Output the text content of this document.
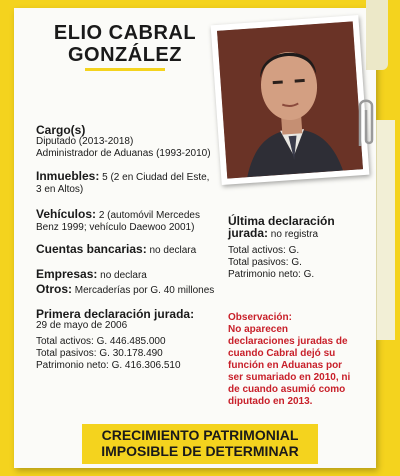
ELIO CABRAL
GONZÁLEZ
Cargo(s)
Diputado (2013-2018)
Administrador de Aduanas (1993-2010)
Inmuebles: 5 (2 en Ciudad del Este,
3 en Altos)
Vehículos: 2 (automóvil Mercedes
Benz 1999; vehículo Daewoo 2001)
Cuentas bancarias: no declara
Empresas: no declara
Otros: Mercaderías por G. 40 millones
Primera declaración jurada:
29 de mayo de 2006
Total activos: G. 446.485.000
Total pasivos: G. 30.178.490
Patrimonio neto: G. 416.306.510
Última declaración
jurada: no registra
Total activos: G.
Total pasivos: G.
Patrimonio neto: G.
Observación:
No aparecen
declaraciones juradas de
cuando Cabral dejó su
función en Aduanas por
ser sumariado en 2010, ni
de cuando asumió como
diputado en 2013.
CRECIMIENTO PATRIMONIAL
IMPOSIBLE DE DETERMINAR
